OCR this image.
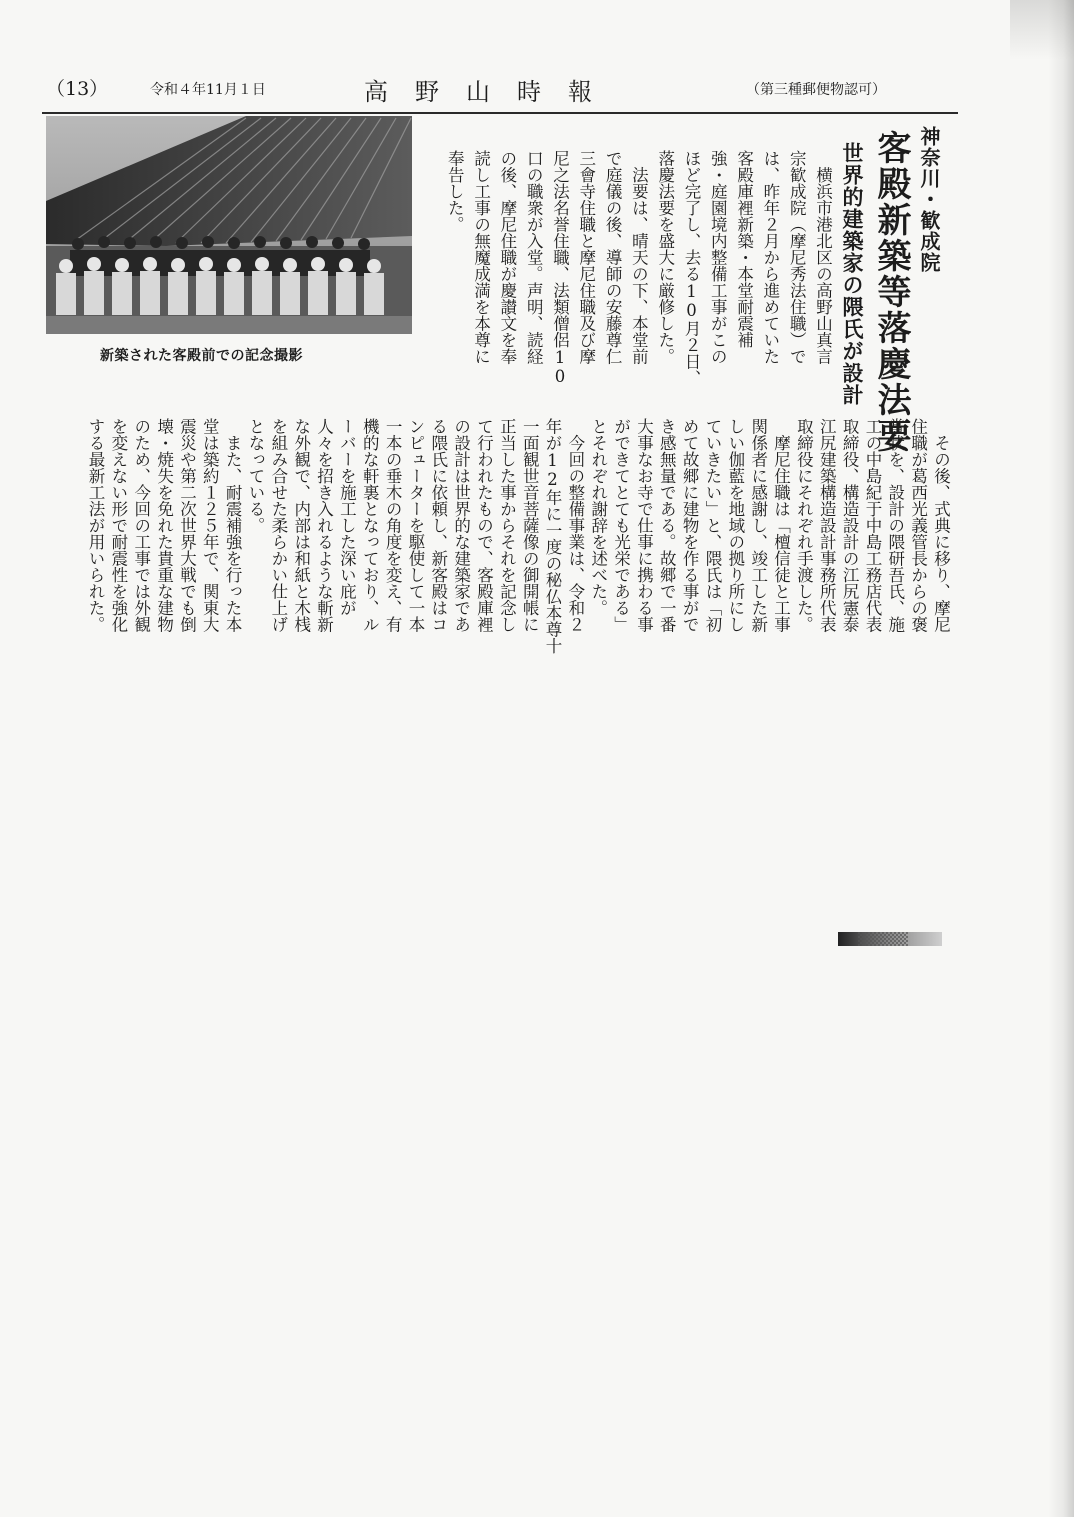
（13）	令和４年11月１日	高野山時報	（第三種郵便物認可）
新築された客殿前での記念撮影
神奈川・歓成院
客殿新築等落慶法要
世界的建築家の隈氏が設計
　横浜市港北区の高野山真言
宗歓成院（摩尼秀法住職）で
は、昨年２月から進めていた
客殿庫裡新築・本堂耐震補
強・庭園境内整備工事がこの
ほど完了し、去る10月２日、
落慶法要を盛大に厳修した。
　法要は、晴天の下、本堂前
で庭儀の後、導師の安藤尊仁
三會寺住職と摩尼住職及び摩
尼之法名誉住職、法類僧侶10
口の職衆が入堂。声明、読経
の後、摩尼住職が慶讃文を奉
読し工事の無魔成満を本尊に
奉告した。
　その後、式典に移り、摩尼
住職が葛西光義管長からの褒
賞状を、設計の隈研吾氏、施
工の中島紀于中島工務店代表
取締役、構造設計の江尻憲泰
江尻建築構造設計事務所代表
取締役にそれぞれ手渡した。
　摩尼住職は「檀信徒と工事
関係者に感謝し、竣工した新
しい伽藍を地域の拠り所にし
ていきたい」と、隈氏は「初
めて故郷に建物を作る事がで
き感無量である。故郷で一番
大事なお寺で仕事に携わる事
ができてとても光栄である」
とそれぞれ謝辞を述べた。
　今回の整備事業は、令和２
年が12年に一度の秘仏本尊十
一面観世音菩薩像の御開帳に
正当した事からそれを記念し
て行われたもので、客殿庫裡
の設計は世界的な建築家であ
る隈氏に依頼し、新客殿はコ
ンピューターを駆使して一本
一本の垂木の角度を変え、有
機的な軒裏となっており、ル
ーバーを施工した深い庇が
人々を招き入れるような斬新
な外観で、内部は和紙と木桟
を組み合せた柔らかい仕上げ
となっている。
　また、耐震補強を行った本
堂は築約１２５年で、関東大
震災や第二次世界大戦でも倒
壊・焼失を免れた貴重な建物
のため、今回の工事では外観
を変えない形で耐震性を強化
する最新工法が用いられた。
